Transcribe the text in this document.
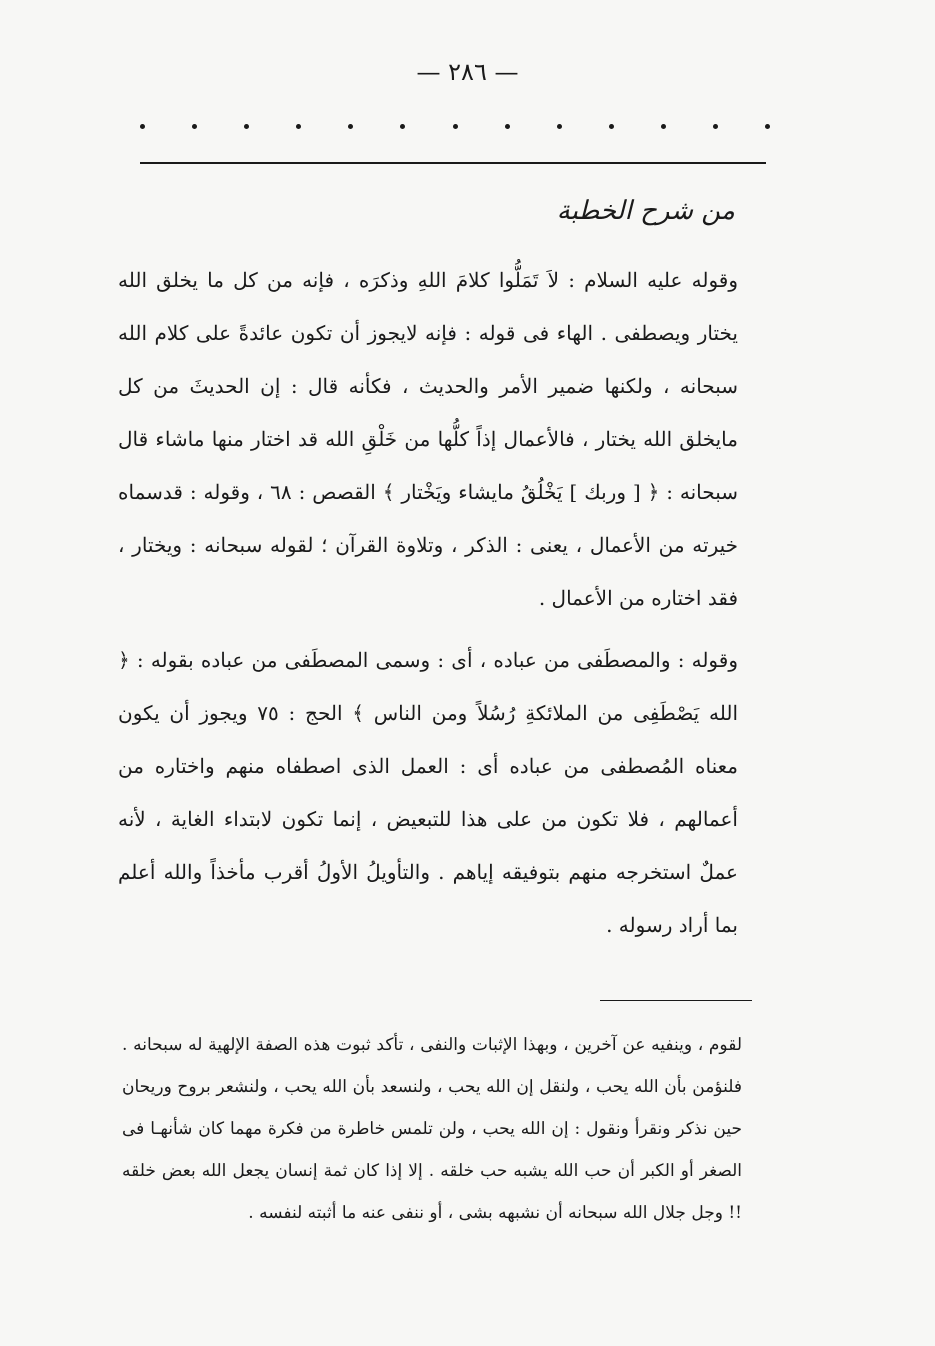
— ٢٨٦ —
من شرح الخطبة

وقوله عليه السلام : لاَ تَمَلُّوا كلامَ اللهِ وذكرَه ، فإنه من كل ما يخلق الله يختار ويصطفى . الهاء فى قوله : فإنه لايجوز أن تكون عائدةً على كلام الله سبحانه ، ولكنها ضمير الأمر والحديث ، فكأنه قال : إن الحديثَ من كل مايخلق الله يختار ، فالأعمال إذاً كلُّها من خَلْقِ الله قد اختار منها ماشاء قال سبحانه : ﴿ [ وربك ] يَخْلُقُ مايشاء ويَخْتار ﴾ القصص : ٦٨ ، وقوله : قدسماه خيرته من الأعمال ، يعنى : الذكر ، وتلاوة القرآن ؛ لقوله سبحانه : ويختار ، فقد اختاره من الأعمال .

وقوله : والمصطَفى من عباده ، أى : وسمى المصطَفى من عباده بقوله : ﴿ الله يَصْطَفِى من الملائكةِ رُسُلاً ومن الناس ﴾ الحج : ٧٥ ويجوز أن يكون معناه المُصطفى من عباده أى : العمل الذى اصطفاه منهم واختاره من أعمالهم ، فلا تكون من على هذا للتبعيض ، إنما تكون لابتداء الغاية ، لأنه عملٌ استخرجه منهم بتوفيقه إياهم . والتأويلُ الأولُ أقرب مأخذاً والله أعلم بما أراد رسوله .

لقوم ، وينفيه عن آخرين ، وبهذا الإثبات والنفى ، تأكد ثبوت هذه الصفة الإلهية له سبحانه . فلنؤمن بأن الله يحب ، ولنقل إن الله يحب ، ولنسعد بأن الله يحب ، ولنشعر بروح وريحان حين نذكر ونقرأ ونقول : إن الله يحب ، ولن تلمس خاطرة من فكرة مهما كان شأنهـا فى الصغر أو الكبر أن حب الله يشبه حب خلقه . إلا إذا كان ثمة إنسان يجعل الله بعض خلقه !! وجل جلال الله سبحانه أن نشبهه بشى ، أو ننفى عنه ما أثبته لنفسه .
